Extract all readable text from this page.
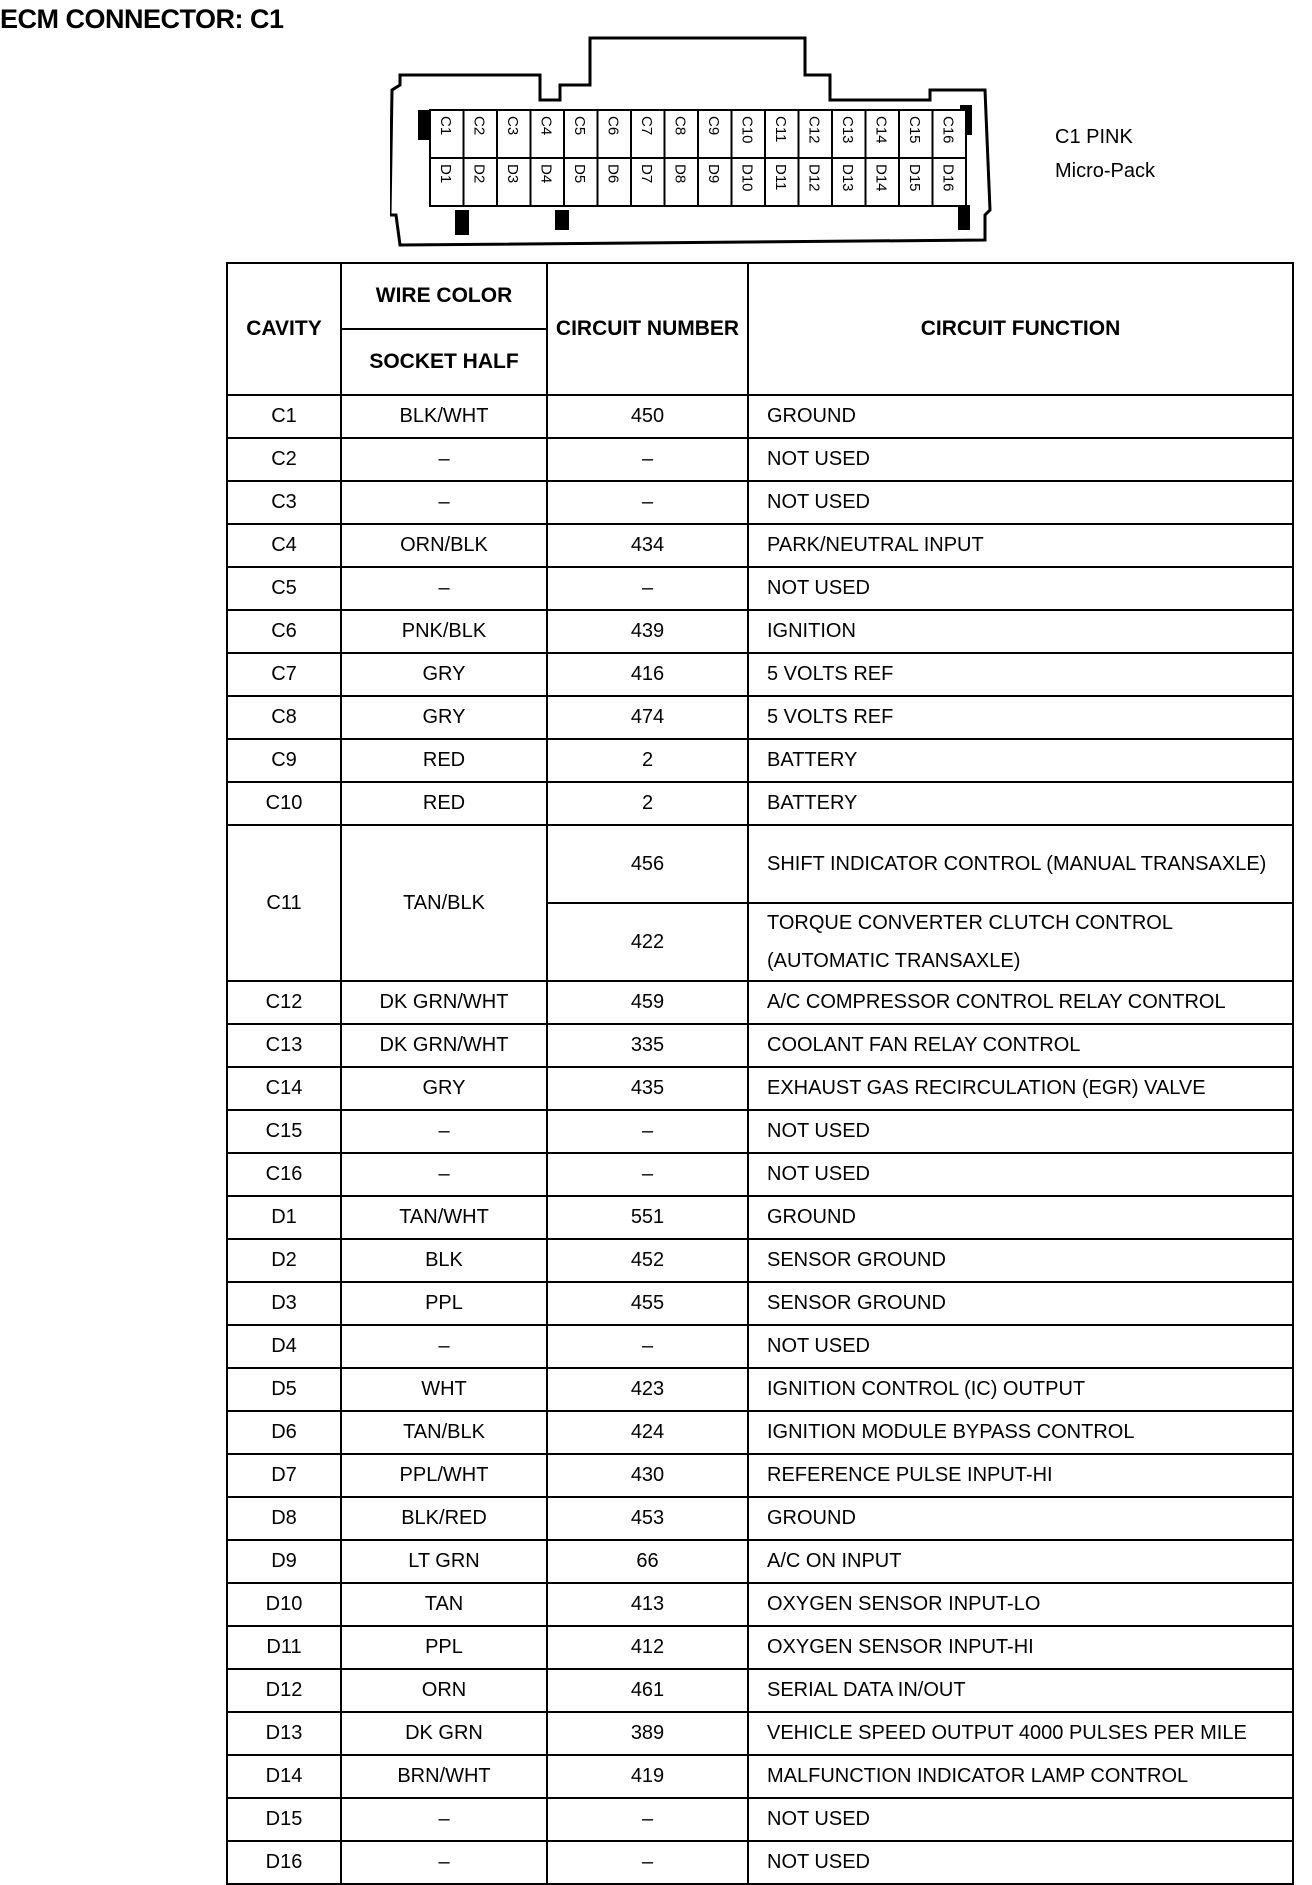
ECM CONNECTOR: C1
C1 C2 C3 C4 C5 C6 C7 C8 C9 C10 C11 C12 C13 C14 C15 C16
D1 D2 D3 D4 D5 D6 D7 D8 D9 D10 D11 D12 D13 D14 D15 D16
C1 PINK
Micro-Pack
CAVITY	WIRE COLOR	CIRCUIT NUMBER	CIRCUIT FUNCTION
	SOCKET HALF		
C1	BLK/WHT	450	GROUND
C2	–	–	NOT USED
C3	–	–	NOT USED
C4	ORN/BLK	434	PARK/NEUTRAL INPUT
C5	–	–	NOT USED
C6	PNK/BLK	439	IGNITION
C7	GRY	416	5 VOLTS REF
C8	GRY	474	5 VOLTS REF
C9	RED	2	BATTERY
C10	RED	2	BATTERY
C11	TAN/BLK	456	SHIFT INDICATOR CONTROL (MANUAL TRANSAXLE)
		422	TORQUE CONVERTER CLUTCH CONTROL (AUTOMATIC TRANSAXLE)
C12	DK GRN/WHT	459	A/C COMPRESSOR CONTROL RELAY CONTROL
C13	DK GRN/WHT	335	COOLANT FAN RELAY CONTROL
C14	GRY	435	EXHAUST GAS RECIRCULATION (EGR) VALVE
C15	–	–	NOT USED
C16	–	–	NOT USED
D1	TAN/WHT	551	GROUND
D2	BLK	452	SENSOR GROUND
D3	PPL	455	SENSOR GROUND
D4	–	–	NOT USED
D5	WHT	423	IGNITION CONTROL (IC) OUTPUT
D6	TAN/BLK	424	IGNITION MODULE BYPASS CONTROL
D7	PPL/WHT	430	REFERENCE PULSE INPUT-HI
D8	BLK/RED	453	GROUND
D9	LT GRN	66	A/C ON INPUT
D10	TAN	413	OXYGEN SENSOR INPUT-LO
D11	PPL	412	OXYGEN SENSOR INPUT-HI
D12	ORN	461	SERIAL DATA IN/OUT
D13	DK GRN	389	VEHICLE SPEED OUTPUT 4000 PULSES PER MILE
D14	BRN/WHT	419	MALFUNCTION INDICATOR LAMP CONTROL
D15	–	–	NOT USED
D16	–	–	NOT USED
